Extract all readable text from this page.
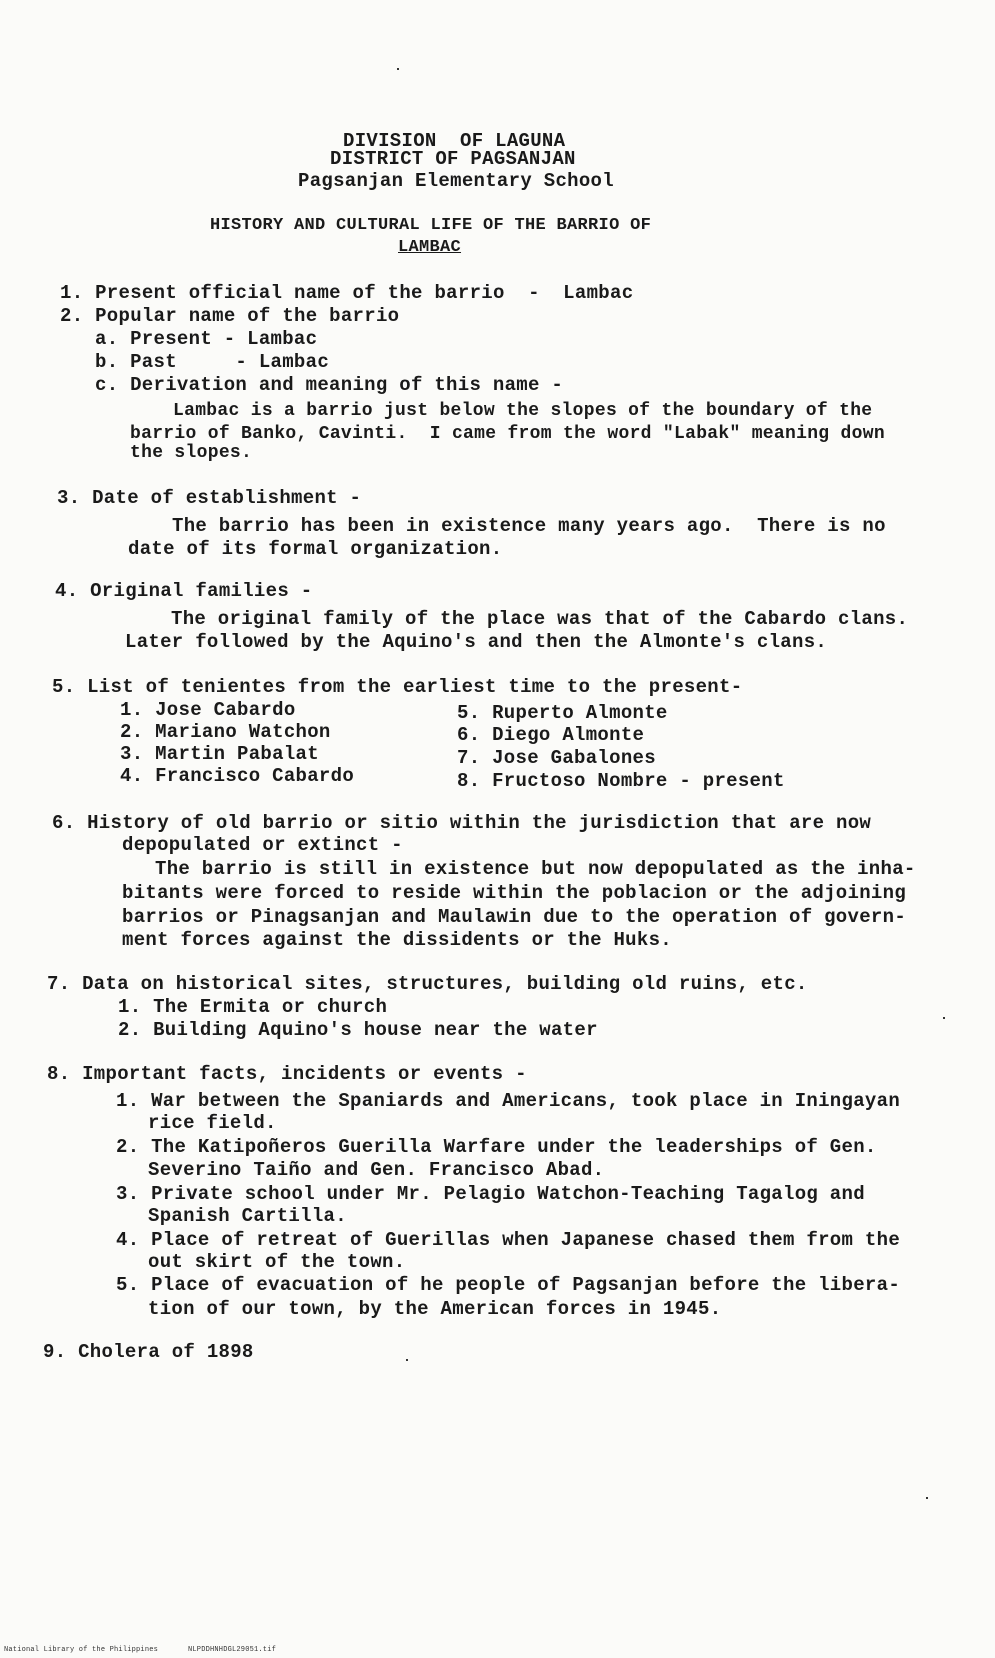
DIVISION  OF LAGUNA
DISTRICT OF PAGSANJAN
Pagsanjan Elementary School
HISTORY AND CULTURAL LIFE OF THE BARRIO OF
LAMBAC
1. Present official name of the barrio  -  Lambac
2. Popular name of the barrio
a. Present - Lambac
b. Past     - Lambac
c. Derivation and meaning of this name -
Lambac is a barrio just below the slopes of the boundary of the
barrio of Banko, Cavinti.  I came from the word "Labak" meaning down
the slopes.
3. Date of establishment -
The barrio has been in existence many years ago.  There is no
date of its formal organization.
4. Original families -
The original family of the place was that of the Cabardo clans.
Later followed by the Aquino's and then the Almonte's clans.
5. List of tenientes from the earliest time to the present-
1. Jose Cabardo
2. Mariano Watchon
3. Martin Pabalat
4. Francisco Cabardo
5. Ruperto Almonte
6. Diego Almonte
7. Jose Gabalones
8. Fructoso Nombre - present
6. History of old barrio or sitio within the jurisdiction that are now
depopulated or extinct -
The barrio is still in existence but now depopulated as the inha-
bitants were forced to reside within the poblacion or the adjoining
barrios or Pinagsanjan and Maulawin due to the operation of govern-
ment forces against the dissidents or the Huks.
7. Data on historical sites, structures, building old ruins, etc.
1. The Ermita or church
2. Building Aquino's house near the water
8. Important facts, incidents or events -
1. War between the Spaniards and Americans, took place in Iningayan
rice field.
2. The Katipoñeros Guerilla Warfare under the leaderships of Gen.
Severino Taiño and Gen. Francisco Abad.
3. Private school under Mr. Pelagio Watchon-Teaching Tagalog and
Spanish Cartilla.
4. Place of retreat of Guerillas when Japanese chased them from the
out skirt of the town.
5. Place of evacuation of he people of Pagsanjan before the libera-
tion of our town, by the American forces in 1945.
9. Cholera of 1898
National Library of the Philippines	NLPDDHNHDGL29051.tif
